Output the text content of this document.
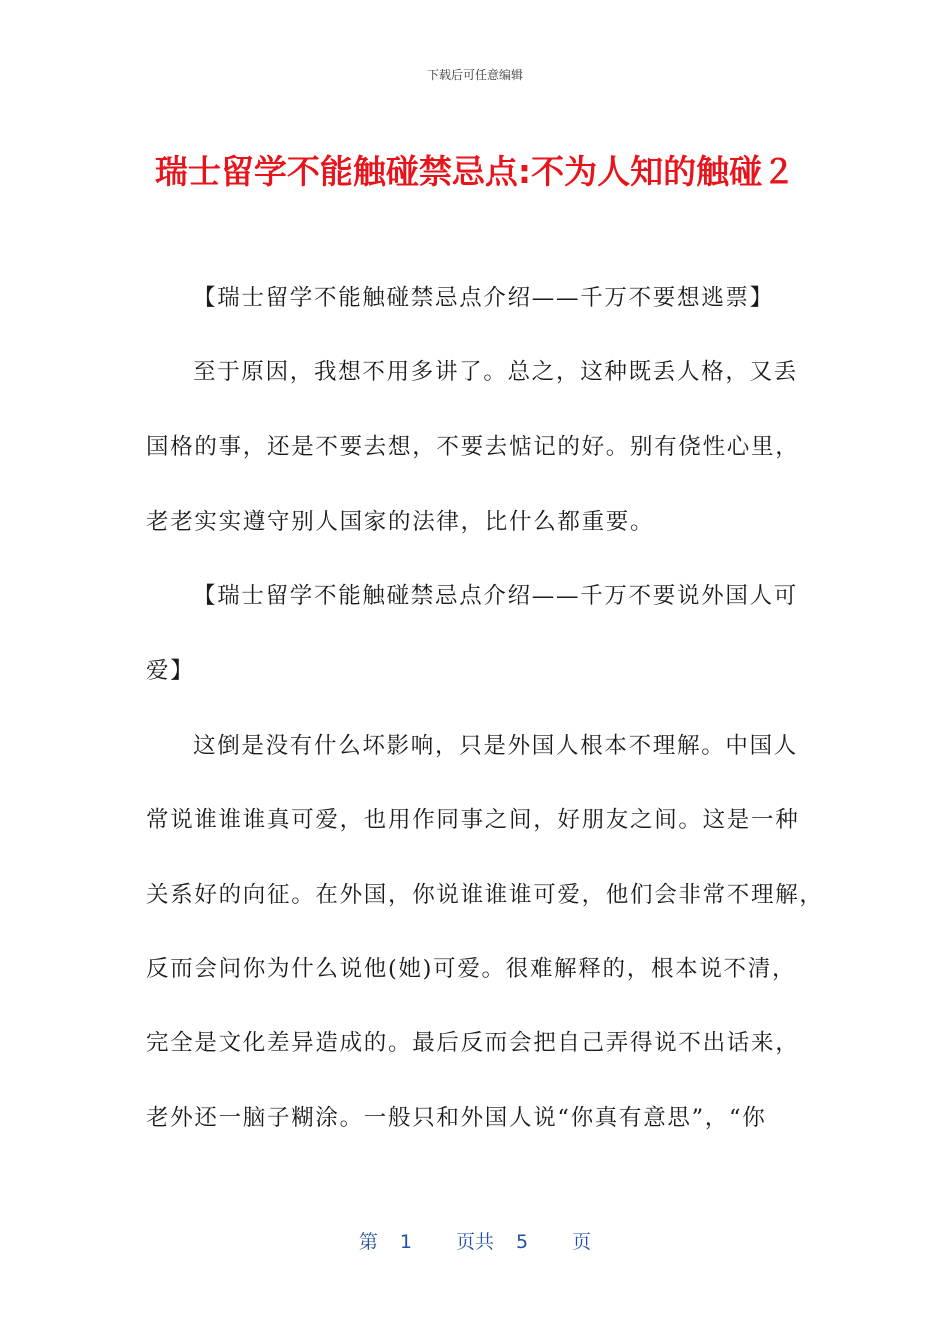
下载后可任意编辑
瑞士留学不能触碰禁忌点:不为人知的触碰２
【瑞士留学不能触碰禁忌点介绍——千万不要想逃票】
至于原因，我想不用多讲了。总之，这种既丢人格，又丢
国格的事，还是不要去想，不要去惦记的好。别有侥性心里，
老老实实遵守别人国家的法律，比什么都重要。
【瑞士留学不能触碰禁忌点介绍——千万不要说外国人可
爱】
这倒是没有什么坏影响，只是外国人根本不理解。中国人
常说谁谁谁真可爱，也用作同事之间，好朋友之间。这是一种
关系好的向征。在外国，你说谁谁谁可爱，他们会非常不理解，
反而会问你为什么说他(她)可爱。很难解释的，根本说不清，
完全是文化差异造成的。最后反而会把自己弄得说不出话来，
老外还一脑子糊涂。一般只和外国人说“你真有意思”，“你
第 1 页共 5 页
